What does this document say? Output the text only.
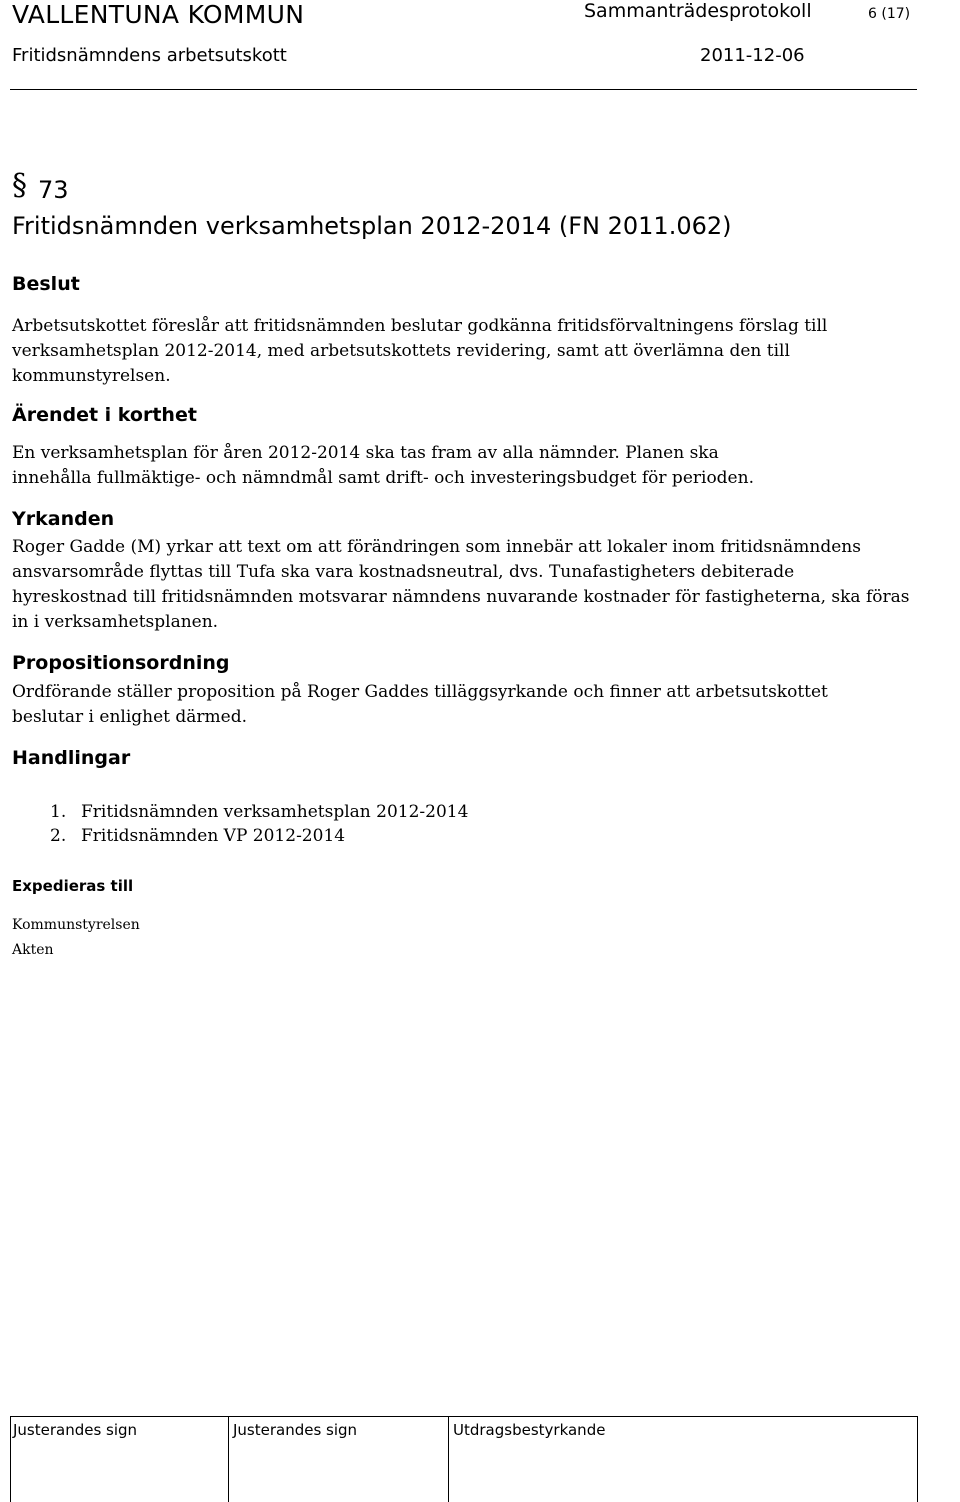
VALLENTUNA KOMMUN	Sammanträdesprotokoll	6 (17)
Fritidsnämndens arbetsutskott	2011-12-06
§ 73
Fritidsnämnden verksamhetsplan 2012-2014 (FN 2011.062)
Beslut
Arbetsutskottet föreslår att fritidsnämnden beslutar godkänna fritidsförvaltningens förslag till verksamhetsplan 2012-2014, med arbetsutskottets revidering, samt att överlämna den till kommunstyrelsen.
Ärendet i korthet
En verksamhetsplan för åren 2012-2014 ska tas fram av alla nämnder. Planen ska innehålla fullmäktige- och nämndmål samt drift- och investeringsbudget för perioden.
Yrkanden
Roger Gadde (M) yrkar att text om att förändringen som innebär att lokaler inom fritidsnämndens ansvarsområde flyttas till Tufa ska vara kostnadsneutral, dvs. Tunafastigheters debiterade hyreskostnad till fritidsnämnden motsvarar nämndens nuvarande kostnader för fastigheterna, ska föras in i verksamhetsplanen.
Propositionsordning
Ordförande ställer proposition på Roger Gaddes tilläggsyrkande och finner att arbetsutskottet beslutar i enlighet därmed.
Handlingar
1. Fritidsnämnden verksamhetsplan 2012-2014
2. Fritidsnämnden VP 2012-2014
Expedieras till
Kommunstyrelsen
Akten
Justerandes sign	Justerandes sign	Utdragsbestyrkande
